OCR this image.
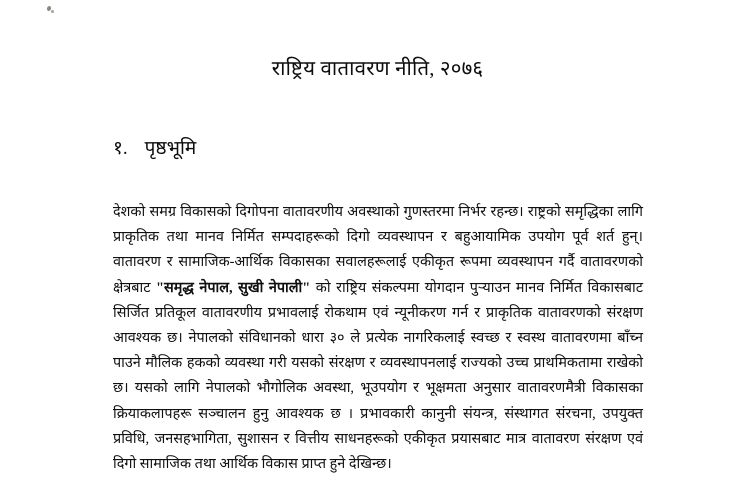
राष्ट्रिय वातावरण नीति, २०७६
१. पृष्ठभूमि

देशको समग्र विकासको दिगोपना वातावरणीय अवस्थाको गुणस्तरमा निर्भर रहन्छ। राष्ट्रको समृद्धिका लागि प्राकृतिक तथा मानव निर्मित सम्पदाहरूको दिगो व्यवस्थापन र बहुआयामिक उपयोग पूर्व शर्त हुन्। वातावरण र सामाजिक-आर्थिक विकासका सवालहरूलाई एकीकृत रूपमा व्यवस्थापन गर्दै वातावरणको क्षेत्रबाट "समृद्ध नेपाल, सुखी नेपाली" को राष्ट्रिय संकल्पमा योगदान पुऱ्याउन मानव निर्मित विकासबाट सिर्जित प्रतिकूल वातावरणीय प्रभावलाई रोकथाम एवं न्यूनीकरण गर्न र प्राकृतिक वातावरणको संरक्षण आवश्यक छ। नेपालको संविधानको धारा ३० ले प्रत्येक नागरिकलाई स्वच्छ र स्वस्थ वातावरणमा बाँच्न पाउने मौलिक हकको व्यवस्था गरी यसको संरक्षण र व्यवस्थापनलाई राज्यको उच्च प्राथमिकतामा राखेको छ। यसको लागि नेपालको भौगोलिक अवस्था, भूउपयोग र भूक्षमता अनुसार वातावरणमैत्री विकासका क्रियाकलापहरू सञ्चालन हुनु आवश्यक छ । प्रभावकारी कानुनी संयन्त्र, संस्थागत संरचना, उपयुक्त प्रविधि, जनसहभागिता, सुशासन र वित्तीय साधनहरूको एकीकृत प्रयासबाट मात्र वातावरण संरक्षण एवं दिगो सामाजिक तथा आर्थिक विकास प्राप्त हुने देखिन्छ।
